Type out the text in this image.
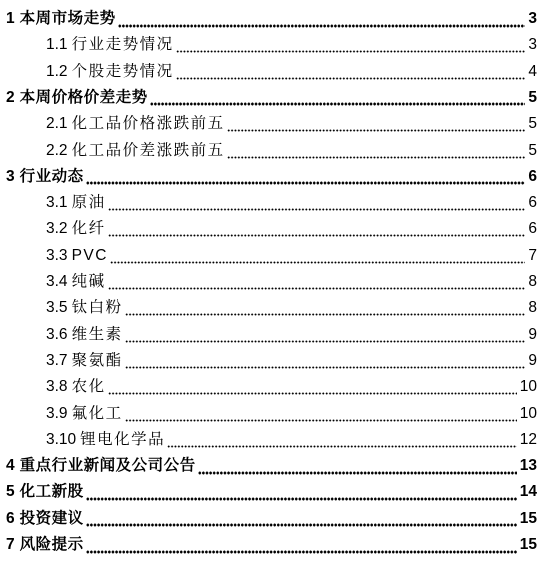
1 本周市场走势	3
1.1 行业走势情况	3
1.2 个股走势情况	4
2 本周价格价差走势	5
2.1 化工品价格涨跌前五	5
2.2 化工品价差涨跌前五	5
3 行业动态	6
3.1 原油	6
3.2 化纤	6
3.3 PVC	7
3.4 纯碱	8
3.5 钛白粉	8
3.6 维生素	9
3.7 聚氨酯	9
3.8 农化	10
3.9 氟化工	10
3.10 锂电化学品	12
4 重点行业新闻及公司公告	13
5 化工新股	14
6 投资建议	15
7 风险提示	15
